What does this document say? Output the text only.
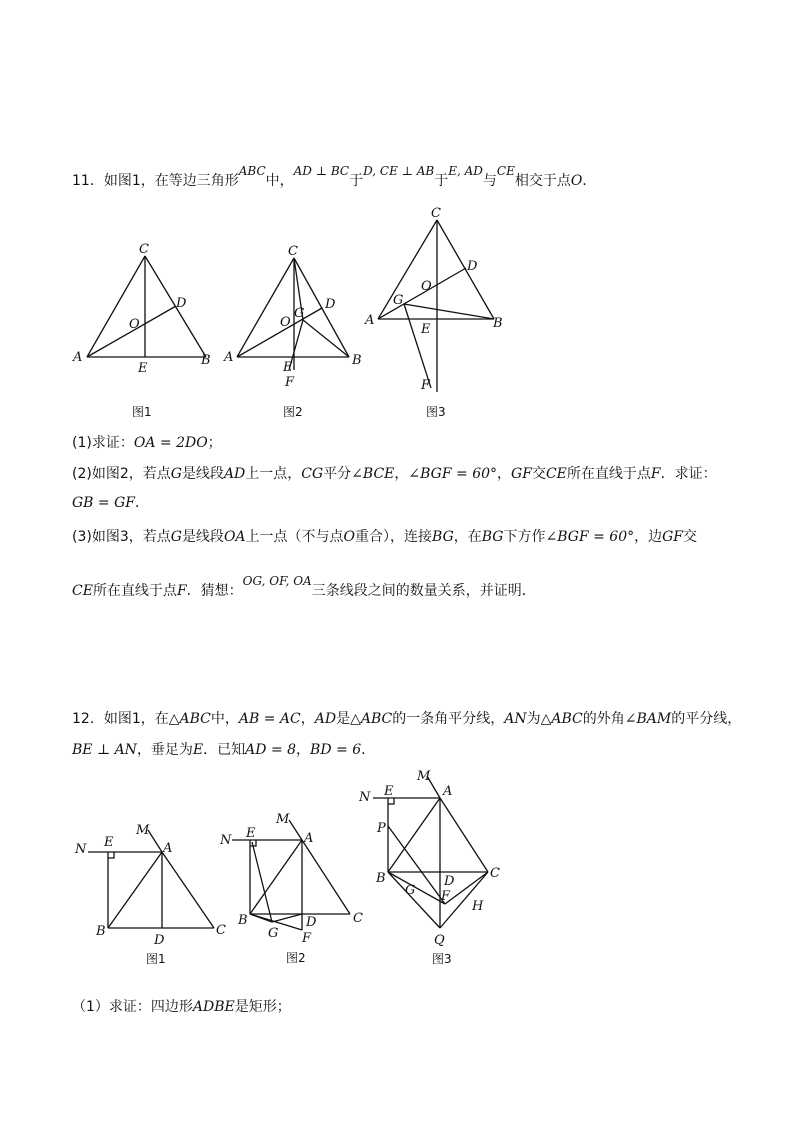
11．如图1，在等边三角形ABC中，AD ⊥ BC于D, CE ⊥ AB于E, AD与CE相交于点O．
C
D
O
A
E
B
图1
C
D
G
O
A
E	B
F
图2
C
D
O
G
A
E	B
F
图3
(1)求证：OA = 2DO；
(2)如图2，若点G是线段AD上一点，CG平分∠BCE，∠BGF = 60°，GF交CE所在直线于点F．求证：
GB = GF．
(3)如图3，若点G是线段OA上一点（不与点O重合），连接BG，在BG下方作∠BGF = 60°，边GF交
CE所在直线于点F．猜想：OG, OF, OA三条线段之间的数量关系，并证明．
12．如图1，在△ABC中，AB = AC，AD是△ABC的一条角平分线，AN为△ABC的外角∠BAM的平分线，
BE ⊥ AN，垂足为E．已知AD = 8，BD = 6．
M
N E	A
B
D
C
图1
M
N E	A
B
G
D
F
C
图2
M
N E	A
P
B
G
D
F
C
H
Q
图3
（1）求证：四边形ADBE是矩形；
